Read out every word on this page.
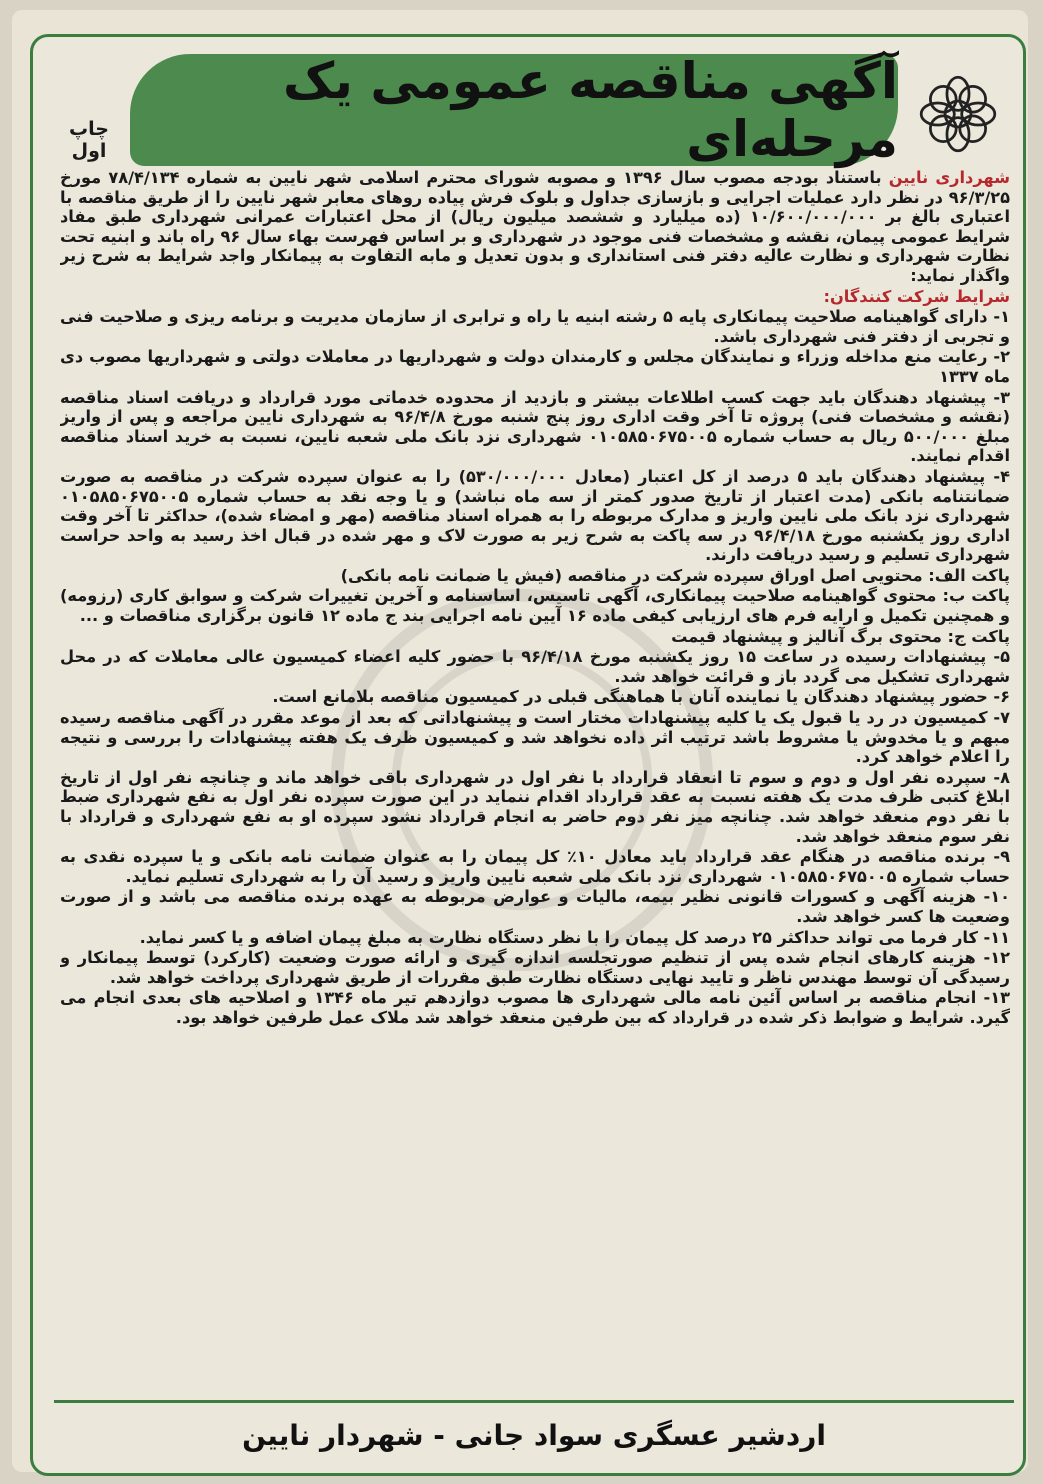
آگهی مناقصه عمومی یک مرحله‌ای
چاپ اول

شهرداری نایین باستناد بودجه مصوب سال ۱۳۹۶ و مصوبه شورای محترم اسلامی شهر نایین به شماره ۷۸/۴/۱۳۴ مورخ ۹۶/۳/۲۵ در نظر دارد عملیات اجرایی و بازسازی جداول و بلوک فرش پیاده روهای معابر شهر نایین را از طریق مناقصه با اعتباری بالغ بر ۱۰/۶۰۰/۰۰۰/۰۰۰ (ده میلیارد و ششصد میلیون ریال) از محل اعتبارات عمرانی شهرداری طبق مفاد شرایط عمومی پیمان، نقشه و مشخصات فنی موجود در شهرداری و بر اساس فهرست بهاء سال ۹۶ راه باند و ابنیه تحت نظارت شهرداری و نظارت عالیه دفتر فنی استانداری و بدون تعدیل و مابه التفاوت به پیمانکار واجد شرایط به شرح زیر واگذار نماید:

شرایط شرکت کنندگان:

۱- دارای گواهینامه صلاحیت پیمانکاری پایه ۵ رشته ابنیه یا راه و ترابری از سازمان مدیریت و برنامه ریزی و صلاحیت فنی و تجربی از دفتر فنی شهرداری باشد.

۲- رعایت منع مداخله وزراء و نمایندگان مجلس و کارمندان دولت و شهرداریها در معاملات دولتی و شهرداریها مصوب دی ماه ۱۳۳۷

۳- پیشنهاد دهندگان باید جهت کسب اطلاعات بیشتر و بازدید از محدوده خدماتی مورد قرارداد و دریافت اسناد مناقصه (نقشه و مشخصات فنی) پروژه تا آخر وقت اداری روز پنج شنبه مورخ ۹۶/۴/۸ به شهرداری نایین مراجعه و پس از واریز مبلغ ۵۰۰/۰۰۰ ریال به حساب شماره ۰۱۰۵۸۵۰۶۷۵۰۰۵ شهرداری نزد بانک ملی شعبه نایین، نسبت به خرید اسناد مناقصه اقدام نمایند.

۴- پیشنهاد دهندگان باید ۵ درصد از کل اعتبار (معادل ۵۳۰/۰۰۰/۰۰۰) را به عنوان سپرده شرکت در مناقصه به صورت ضمانتنامه بانکی (مدت اعتبار از تاریخ صدور کمتر از سه ماه نباشد) و یا وجه نقد به حساب شماره ۰۱۰۵۸۵۰۶۷۵۰۰۵ شهرداری نزد بانک ملی نایین واریز و مدارک مربوطه را به همراه اسناد مناقصه (مهر و امضاء شده)، حداکثر تا آخر وقت اداری روز یکشنبه مورخ ۹۶/۴/۱۸ در سه پاکت به شرح زیر به صورت لاک و مهر شده در قبال اخذ رسید به واحد حراست شهرداری تسلیم و رسید دریافت دارند.

پاکت الف: محتویی اصل اوراق سپرده شرکت در مناقصه (فیش یا ضمانت نامه بانکی)

پاکت ب: محتوی گواهینامه صلاحیت پیمانکاری، آگهی تاسیس، اساسنامه و آخرین تغییرات شرکت و سوابق کاری (رزومه) و همچنین تکمیل و ارایه فرم های ارزیابی کیفی ماده ۱۶ آیین نامه اجرایی بند ج ماده ۱۲ قانون برگزاری مناقصات و ...

پاکت ج: محتوی برگ آنالیز و پیشنهاد قیمت

۵- پیشنهادات رسیده در ساعت ۱۵ روز یکشنبه مورخ ۹۶/۴/۱۸ با حضور کلیه اعضاء کمیسیون عالی معاملات که در محل شهرداری تشکیل می گردد باز و قرائت خواهد شد.

۶- حضور پیشنهاد دهندگان یا نماینده آنان با هماهنگی قبلی در کمیسیون مناقصه بلامانع است.

۷- کمیسیون در رد یا قبول یک یا کلیه پیشنهادات مختار است و پیشنهاداتی که بعد از موعد مقرر در آگهی مناقصه رسیده مبهم و یا مخدوش یا مشروط باشد ترتیب اثر داده نخواهد شد و کمیسیون ظرف یک هفته پیشنهادات را بررسی و نتیجه را اعلام خواهد کرد.

۸- سپرده نفر اول و دوم و سوم تا انعقاد قرارداد با نفر اول در شهرداری باقی خواهد ماند و چنانچه نفر اول از تاریخ ابلاغ کتبی ظرف مدت یک هفته نسبت به عقد قرارداد اقدام ننماید در این صورت سپرده نفر اول به نفع شهرداری ضبط با نفر دوم منعقد خواهد شد. چنانچه میز نفر دوم حاضر به انجام قرارداد نشود سپرده او به نفع شهرداری و قرارداد با نفر سوم منعقد خواهد شد.

۹- برنده مناقصه در هنگام عقد قرارداد باید معادل ۱۰٪ کل پیمان را به عنوان ضمانت نامه بانکی و یا سپرده نقدی به حساب شماره ۰۱۰۵۸۵۰۶۷۵۰۰۵ شهرداری نزد بانک ملی شعبه نایین واریز و رسید آن را به شهرداری تسلیم نماید.

۱۰- هزینه آگهی و کسورات قانونی نظیر بیمه، مالیات و عوارض مربوطه به عهده برنده مناقصه می باشد و از صورت وضعیت ها کسر خواهد شد.

۱۱- کار فرما می تواند حداکثر ۲۵ درصد کل پیمان را با نظر دستگاه نظارت به مبلغ پیمان اضافه و یا کسر نماید.

۱۲- هزینه کارهای انجام شده پس از تنظیم صورتجلسه اندازه گیری و ارائه صورت وضعیت (کارکرد) توسط پیمانکار و رسیدگی آن توسط مهندس ناظر و تایید نهایی دستگاه نظارت طبق مقررات از طریق شهرداری پرداخت خواهد شد.

۱۳- انجام مناقصه بر اساس آئین نامه مالی شهرداری ها مصوب دوازدهم تیر ماه ۱۳۴۶ و اصلاحیه های بعدی انجام می گیرد. شرایط و ضوابط ذکر شده در قرارداد که بین طرفین منعقد خواهد شد ملاک عمل طرفین خواهد بود.

اردشیر عسگری سواد جانی - شهردار نایین
